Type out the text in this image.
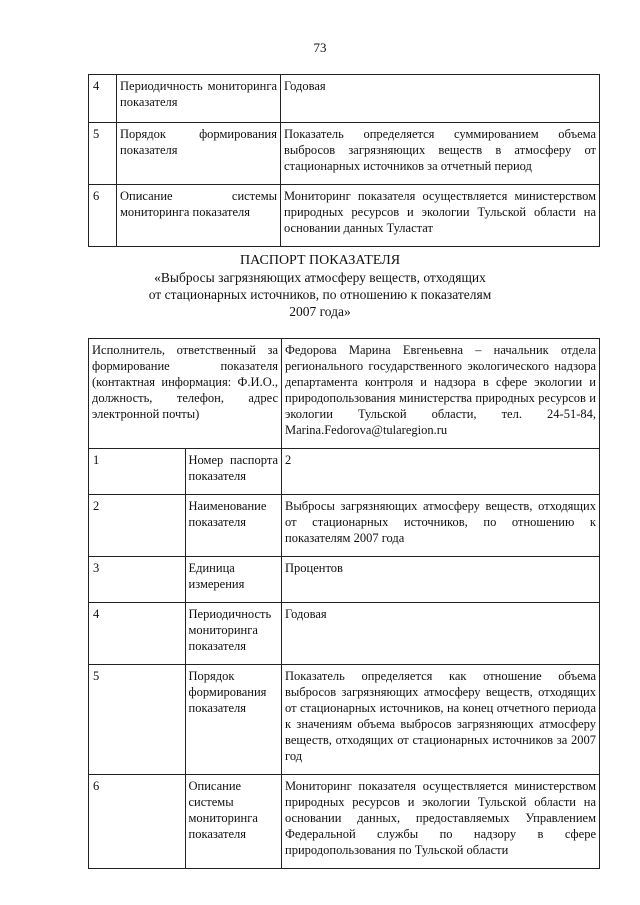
73
4	Периодичность мониторинга показателя	Годовая
5	Порядок формирования показателя	Показатель определяется суммированием объема выбросов загрязняющих веществ в атмосферу от стационарных источников за отчетный период
6	Описание системы мониторинга показателя	Мониторинг показателя осуществляется министерством природных ресурсов и экологии Тульской области на основании данных Туластат
ПАСПОРТ ПОКАЗАТЕЛЯ
«Выбросы загрязняющих атмосферу веществ, отходящих
от стационарных источников, по отношению к показателям
2007 года»
Исполнитель, ответственный за формирование показателя (контактная информация: Ф.И.О., должность, телефон, адрес электронной почты)		Федорова Марина Евгеньевна – начальник отдела регионального государственного экологического надзора департамента контроля и надзора в сфере экологии и природопользования министерства природных ресурсов и экологии Тульской области, тел. 24-51-84, Marina.Fedorova@tularegion.ru
1	Номер паспорта показателя	2
2	Наименование показателя	Выбросы загрязняющих атмосферу веществ, отходящих от стационарных источников, по отношению к показателям 2007 года
3	Единица измерения	Процентов
4	Периодичность мониторинга показателя	Годовая
5	Порядок формирования показателя	Показатель определяется как отношение объема выбросов загрязняющих атмосферу веществ, отходящих от стационарных источников, на конец отчетного периода к значениям объема выбросов загрязняющих атмосферу веществ, отходящих от стационарных источников за 2007 год
6	Описание системы мониторинга показателя	Мониторинг показателя осуществляется министерством природных ресурсов и экологии Тульской области на основании данных, предоставляемых Управлением Федеральной службы по надзору в сфере природопользования по Тульской области
